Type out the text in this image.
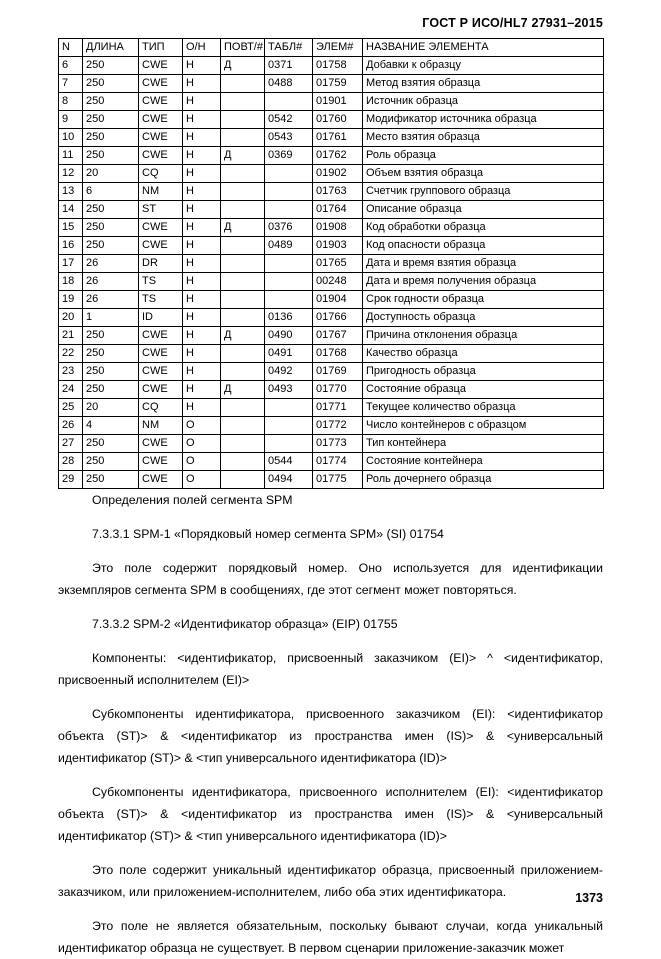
ГОСТ Р ИСО/HL7 27931–2015
N	ДЛИНА	ТИП	O/H	ПОВТ/#	ТАБЛ#	ЭЛЕМ#	НАЗВАНИЕ ЭЛЕМЕНТА
6	250	CWE	H	Д	0371	01758	Добавки к образцу
7	250	CWE	H		0488	01759	Метод взятия образца
8	250	CWE	H			01901	Источник образца
9	250	CWE	H		0542	01760	Модификатор источника образца
10	250	CWE	H		0543	01761	Место взятия образца
11	250	CWE	H	Д	0369	01762	Роль образца
12	20	CQ	H			01902	Объем взятия образца
13	6	NM	H			01763	Счетчик группового образца
14	250	ST	H			01764	Описание образца
15	250	CWE	H	Д	0376	01908	Код обработки образца
16	250	CWE	H		0489	01903	Код опасности образца
17	26	DR	H			01765	Дата и время взятия образца
18	26	TS	H			00248	Дата и время получения образца
19	26	TS	H			01904	Срок годности образца
20	1	ID	H		0136	01766	Доступность образца
21	250	CWE	H	Д	0490	01767	Причина отклонения образца
22	250	CWE	H		0491	01768	Качество образца
23	250	CWE	H		0492	01769	Пригодность образца
24	250	CWE	H	Д	0493	01770	Состояние образца
25	20	CQ	H			01771	Текущее количество образца
26	4	NM	O			01772	Число контейнеров с образцом
27	250	CWE	O			01773	Тип контейнера
28	250	CWE	O		0544	01774	Состояние контейнера
29	250	CWE	O		0494	01775	Роль дочернего образца

Определения полей сегмента SPM

7.3.3.1 SPM-1 «Порядковый номер сегмента SPM» (SI) 01754

Это поле содержит порядковый номер. Оно используется для идентификации экземпляров сегмента SPM в сообщениях, где этот сегмент может повторяться.

7.3.3.2 SPM-2 «Идентификатор образца» (EIP) 01755

Компоненты: <идентификатор, присвоенный заказчиком (EI)> ^ <идентификатор, присвоенный исполнителем (EI)>

Субкомпоненты идентификатора, присвоенного заказчиком (EI): <идентификатор объекта (ST)> & <идентификатор из пространства имен (IS)> & <универсальный идентификатор (ST)> & <тип универсального идентификатора (ID)>

Субкомпоненты идентификатора, присвоенного исполнителем (EI): <идентификатор объекта (ST)> & <идентификатор из пространства имен (IS)> & <универсальный идентификатор (ST)> & <тип универсального идентификатора (ID)>

Это поле содержит уникальный идентификатор образца, присвоенный приложением-заказчиком, или приложением-исполнителем, либо оба этих идентификатора.

Это поле не является обязательным, поскольку бывают случаи, когда уникальный идентификатор образца не существует. В первом сценарии приложение-заказчик может

1373
